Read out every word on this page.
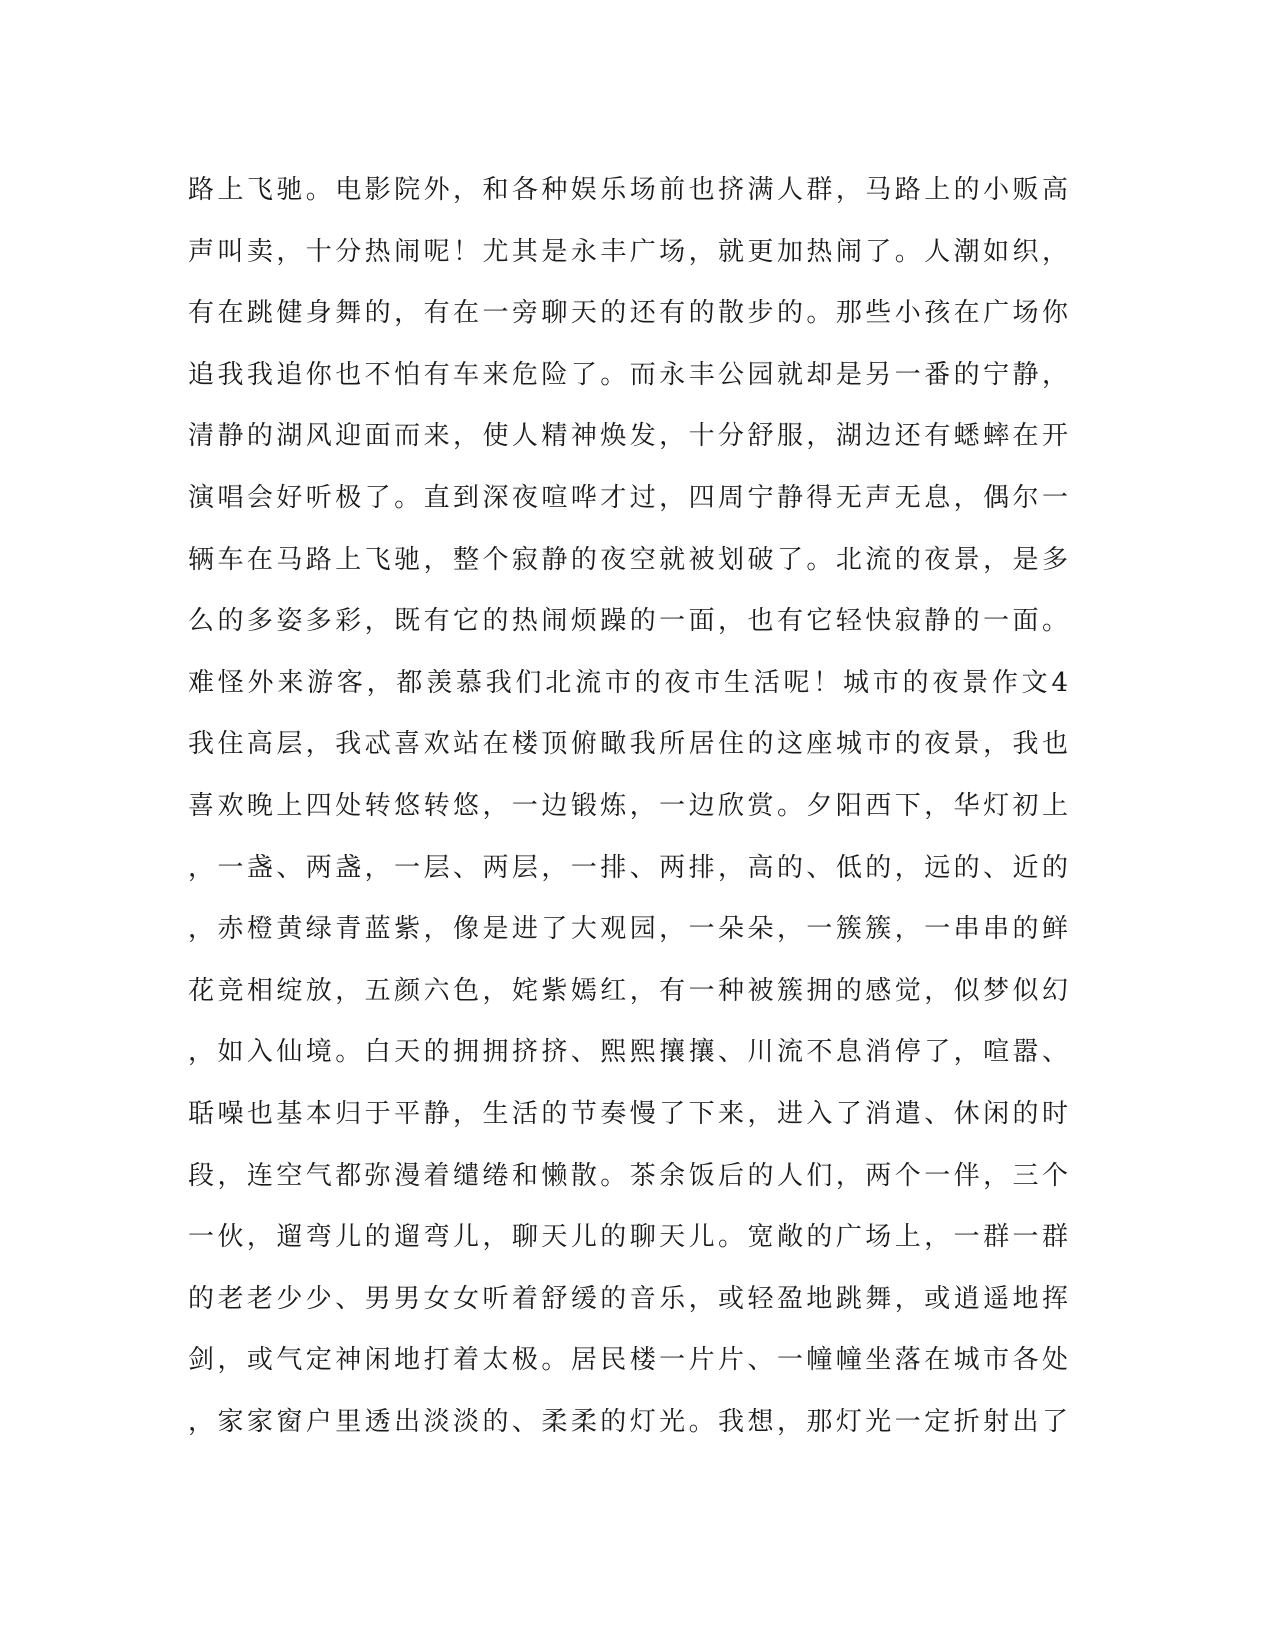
路上飞驰。电影院外，和各种娱乐场前也挤满人群，马路上的小贩高
声叫卖，十分热闹呢！尤其是永丰广场，就更加热闹了。人潮如织，
有在跳健身舞的，有在一旁聊天的还有的散步的。那些小孩在广场你
追我我追你也不怕有车来危险了。而永丰公园就却是另一番的宁静，
清静的湖风迎面而来，使人精神焕发，十分舒服，湖边还有蟋蟀在开
演唱会好听极了。直到深夜喧哗才过，四周宁静得无声无息，偶尔一
辆车在马路上飞驰，整个寂静的夜空就被划破了。北流的夜景，是多
么的多姿多彩，既有它的热闹烦躁的一面，也有它轻快寂静的一面。
难怪外来游客，都羡慕我们北流市的夜市生活呢！城市的夜景作文4
我住高层，我忒喜欢站在楼顶俯瞰我所居住的这座城市的夜景，我也
喜欢晚上四处转悠转悠，一边锻炼，一边欣赏。夕阳西下，华灯初上
，一盏、两盏，一层、两层，一排、两排，高的、低的，远的、近的
，赤橙黄绿青蓝紫，像是进了大观园，一朵朵，一簇簇，一串串的鲜
花竞相绽放，五颜六色，姹紫嫣红，有一种被簇拥的感觉，似梦似幻
，如入仙境。白天的拥拥挤挤、熙熙攘攘、川流不息消停了，喧嚣、
聒噪也基本归于平静，生活的节奏慢了下来，进入了消遣、休闲的时
段，连空气都弥漫着缱绻和懒散。茶余饭后的人们，两个一伴，三个
一伙，遛弯儿的遛弯儿，聊天儿的聊天儿。宽敞的广场上，一群一群
的老老少少、男男女女听着舒缓的音乐，或轻盈地跳舞，或逍遥地挥
剑，或气定神闲地打着太极。居民楼一片片、一幢幢坐落在城市各处
，家家窗户里透出淡淡的、柔柔的灯光。我想，那灯光一定折射出了
